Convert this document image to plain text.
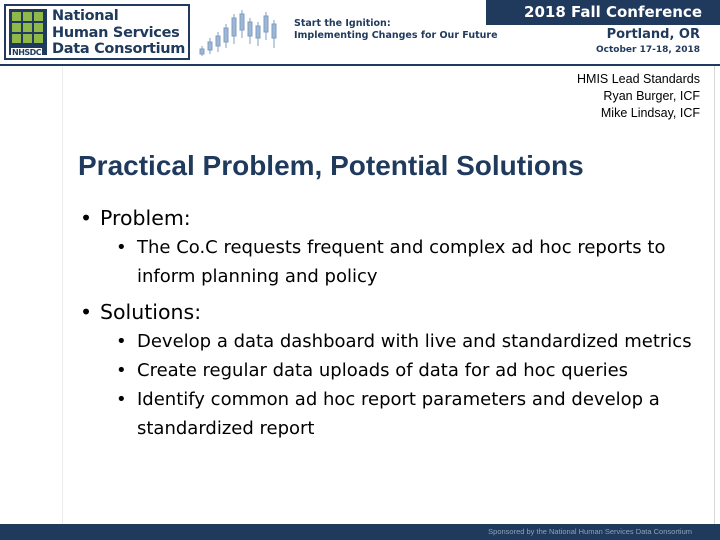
NHSDC
National
Human Services
Data Consortium
Start the Ignition:
Implementing Changes for Our Future
2018 Fall Conference
Portland, OR
October 17-18, 2018
HMIS Lead Standards
Ryan Burger, ICF
Mike Lindsay, ICF
Practical Problem, Potential Solutions
• Problem:
• The Co.C requests frequent and complex ad hoc reports to inform planning and policy
• Solutions:
• Develop a data dashboard with live and standardized metrics
• Create regular data uploads of data for ad hoc queries
• Identify common ad hoc report parameters and develop a standardized report
Sponsored by the National Human Services Data Consortium
